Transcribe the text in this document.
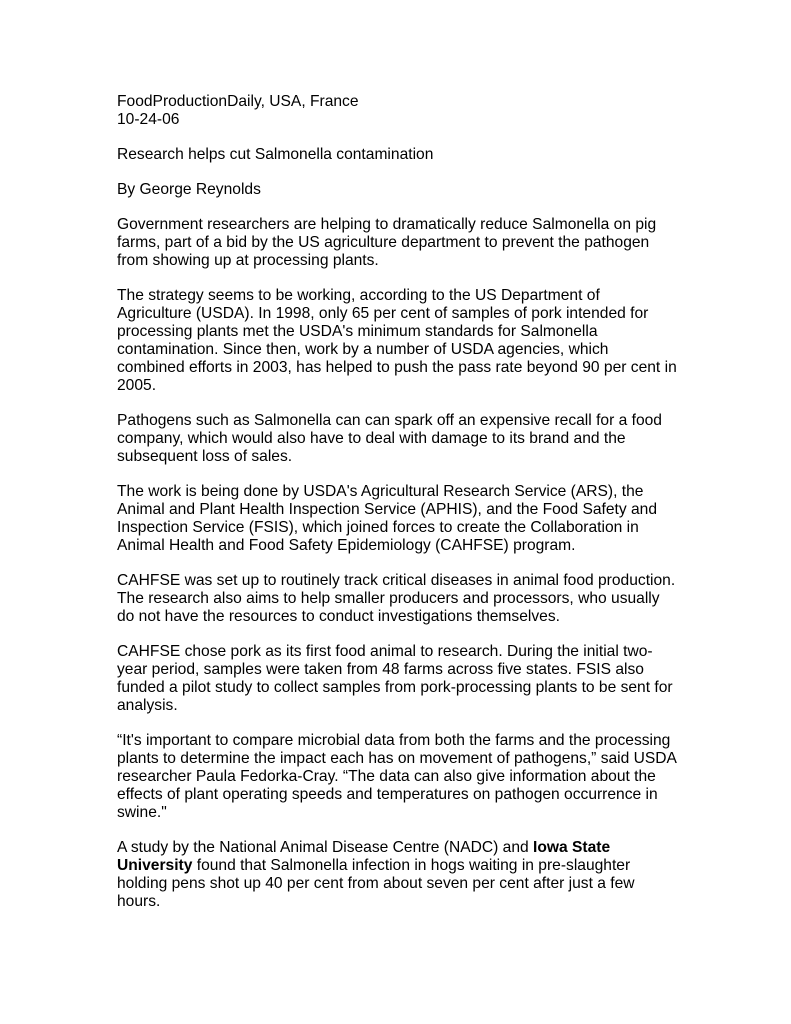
FoodProductionDaily, USA, France
10-24-06
Research helps cut Salmonella contamination
By George Reynolds
Government researchers are helping to dramatically reduce Salmonella on pig
farms, part of a bid by the US agriculture department to prevent the pathogen
from showing up at processing plants.
The strategy seems to be working, according to the US Department of
Agriculture (USDA). In 1998, only 65 per cent of samples of pork intended for
processing plants met the USDA's minimum standards for Salmonella
contamination. Since then, work by a number of USDA agencies, which
combined efforts in 2003, has helped to push the pass rate beyond 90 per cent in
2005.
Pathogens such as Salmonella can can spark off an expensive recall for a food
company, which would also have to deal with damage to its brand and the
subsequent loss of sales.
The work is being done by USDA's Agricultural Research Service (ARS), the
Animal and Plant Health Inspection Service (APHIS), and the Food Safety and
Inspection Service (FSIS), which joined forces to create the Collaboration in
Animal Health and Food Safety Epidemiology (CAHFSE) program.
CAHFSE was set up to routinely track critical diseases in animal food production.
The research also aims to help smaller producers and processors, who usually
do not have the resources to conduct investigations themselves.
CAHFSE chose pork as its first food animal to research. During the initial two-
year period, samples were taken from 48 farms across five states. FSIS also
funded a pilot study to collect samples from pork-processing plants to be sent for
analysis.
“It's important to compare microbial data from both the farms and the processing
plants to determine the impact each has on movement of pathogens,” said USDA
researcher Paula Fedorka-Cray. “The data can also give information about the
effects of plant operating speeds and temperatures on pathogen occurrence in
swine."
A study by the National Animal Disease Centre (NADC) and Iowa State
University found that Salmonella infection in hogs waiting in pre-slaughter
holding pens shot up 40 per cent from about seven per cent after just a few
hours.
